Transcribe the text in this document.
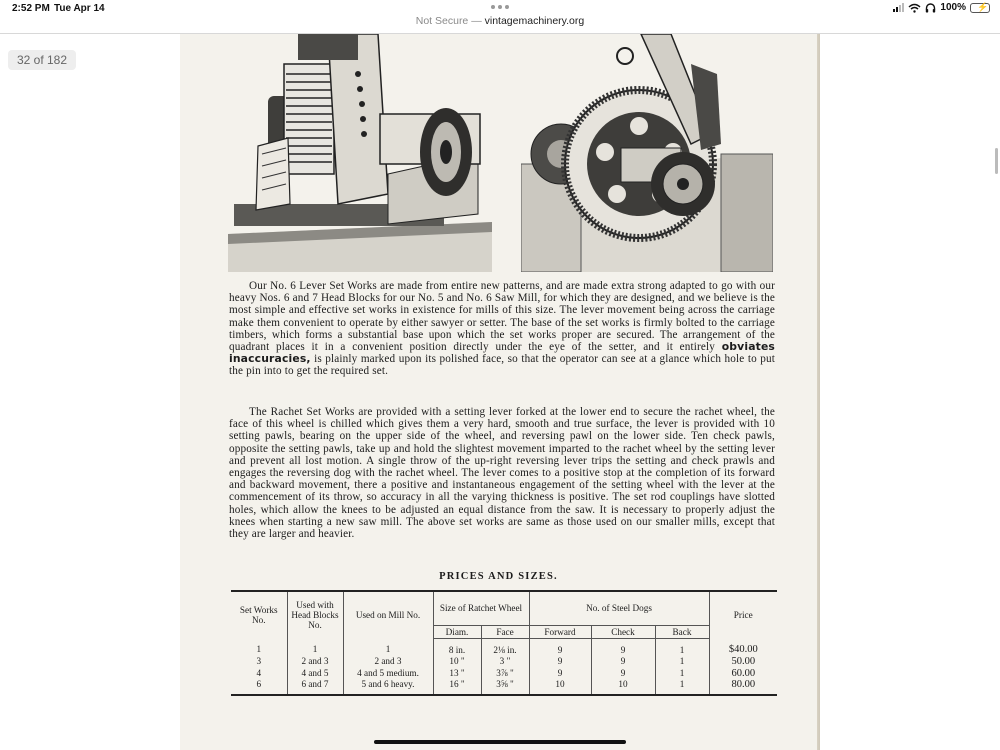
2:52 PM Tue Apr 14	100% ⚡
Not Secure — vintagemachinery.org
32 of 182

Our No. 6 Lever Set Works are made from entire new patterns, and are made extra strong adapted to go with our heavy Nos. 6 and 7 Head Blocks for our No. 5 and No. 6 Saw Mill, for which they are designed, and we believe is the most simple and effective set works in existence for mills of this size. The lever movement being across the carriage make them convenient to operate by either sawyer or setter. The base of the set works is firmly bolted to the carriage timbers, which forms a substantial base upon which the set works proper are secured. The arrangement of the quadrant places it in a convenient position directly under the eye of the setter, and it entirely obviates inaccuracies, is plainly marked upon its polished face, so that the operator can see at a glance which hole to put the pin into to get the required set.

The Rachet Set Works are provided with a setting lever forked at the lower end to secure the rachet wheel, the face of this wheel is chilled which gives them a very hard, smooth and true surface, the lever is provided with 10 setting pawls, bearing on the upper side of the wheel, and reversing pawl on the lower side. Ten check pawls, opposite the setting pawls, take up and hold the slightest movement imparted to the rachet wheel by the setting lever and prevent all lost motion. A single throw of the up-right reversing lever trips the setting and check prawls and engages the reversing dog with the rachet wheel. The lever comes to a positive stop at the completion of its forward and backward movement, there a positive and instantaneous engagement of the setting wheel with the lever at the commencement of its throw, so accuracy in all the varying thickness is positive. The set rod couplings have slotted holes, which allow the knees to be adjusted an equal distance from the saw. It is necessary to properly adjust the knees when starting a new saw mill. The above set works are same as those used on our smaller mills, except that they are larger and heavier.

PRICES AND SIZES.
Set Works No.	Used with Head Blocks No.	Used on Mill No.	Size of Ratchet Wheel		No. of Steel Dogs			Price
			Diam.	Face	Forward	Check	Back	
1	1	1	8 in.	2⅛ in.	9	9	1	$40.00
3	2 and 3	2 and 3	10 "	3 "	9	9	1	50.00
4	4 and 5	4 and 5 medium.	13 "	3⅞ "	9	9	1	60.00
6	6 and 7	5 and 6 heavy.	16 "	3⅝ "	10	10	1	80.00
